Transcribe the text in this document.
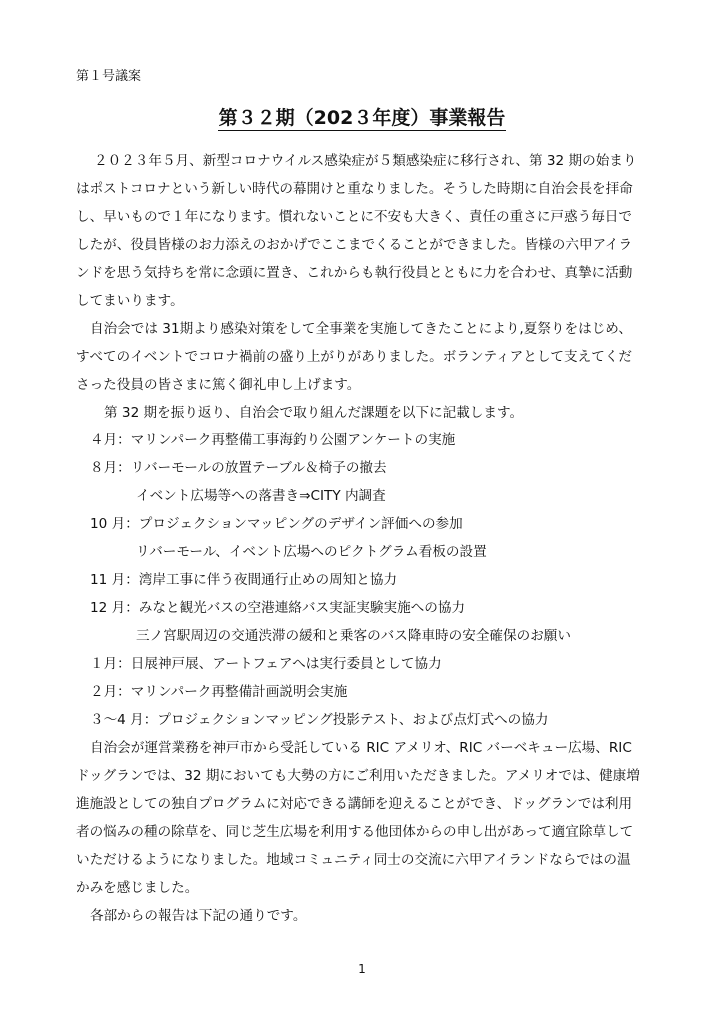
第１号議案
第３２期（202３年度）事業報告
２０２３年５月、新型コロナウイルス感染症が５類感染症に移行され、第 32 期の始まり
はポストコロナという新しい時代の幕開けと重なりました。そうした時期に自治会長を拝命
し、早いもので１年になります。慣れないことに不安も大きく、責任の重さに戸惑う毎日で
したが、役員皆様のお力添えのおかげでここまでくることができました。皆様の六甲アイラ
ンドを思う気持ちを常に念頭に置き、これからも執行役員とともに力を合わせ、真摯に活動
してまいります。
自治会では 31期より感染対策をして全事業を実施してきたことにより,夏祭りをはじめ、
すべてのイベントでコロナ禍前の盛り上がりがありました。ボランティアとして支えてくだ
さった役員の皆さまに篤く御礼申し上げます。
第 32 期を振り返り、自治会で取り組んだ課題を以下に記載します。
４月：マリンパーク再整備工事海釣り公園アンケートの実施
８月：リバーモールの放置テーブル＆椅子の撤去
イベント広場等への落書き⇒CITY 内調査
10 月：プロジェクションマッピングのデザイン評価への参加
リバーモール、イベント広場へのピクトグラム看板の設置
11 月：湾岸工事に伴う夜間通行止めの周知と協力
12 月：みなと観光バスの空港連絡バス実証実験実施への協力
三ノ宮駅周辺の交通渋滞の緩和と乗客のバス降車時の安全確保のお願い
１月：日展神戸展、アートフェアへは実行委員として協力
２月：マリンパーク再整備計画説明会実施
３～4 月：プロジェクションマッピング投影テスト、および点灯式への協力
自治会が運営業務を神戸市から受託している RIC アメリオ、RIC バーベキュー広場、RIC
ドッグランでは、32 期においても大勢の方にご利用いただきました。アメリオでは、健康増
進施設としての独自プログラムに対応できる講師を迎えることができ、ドッグランでは利用
者の悩みの種の除草を、同じ芝生広場を利用する他団体からの申し出があって適宜除草して
いただけるようになりました。地域コミュニティ同士の交流に六甲アイランドならではの温
かみを感じました。
各部からの報告は下記の通りです。
1
